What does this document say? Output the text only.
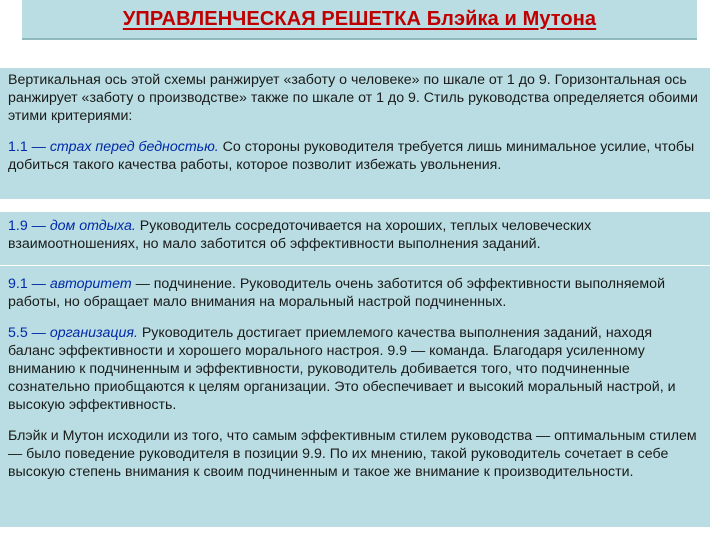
УПРАВЛЕНЧЕСКАЯ РЕШЕТКА Блэйка и Мутона

Вертикальная ось этой схемы ранжирует «заботу о человеке» по шкале от 1 до 9. Горизонтальная ось ранжирует «заботу о производстве» также по шкале от 1 до 9. Стиль руководства определяется обоими этими критериями:

1.1 — страх перед бедностью. Со стороны руководителя требуется лишь минимальное усилие, чтобы добиться такого качества работы, которое позволит избежать увольнения.

1.9 — дом отдыха. Руководитель сосредоточивается на хороших, теплых человеческих взаимоотношениях, но мало заботится об эффективности выполнения заданий.

9.1 — авторитет — подчинение. Руководитель очень заботится об эффективности выполняемой работы, но обращает мало внимания на моральный настрой подчиненных.

5.5 — организация. Руководитель достигает приемлемого качества выполнения заданий, находя баланс эффективности и хорошего морального настроя. 9.9 — команда. Благодаря усиленному вниманию к подчиненным и эффективности, руководитель добивается того, что подчиненные сознательно приобщаются к целям организации. Это обеспечивает и высокий моральный настрой, и высокую эффективность.

Блэйк и Мутон исходили из того, что самым эффективным стилем руководства — оптимальным стилем — было поведение руководителя в позиции 9.9. По их мнению, такой руководитель сочетает в себе высокую степень внимания к своим подчиненным и такое же внимание к производительности.
